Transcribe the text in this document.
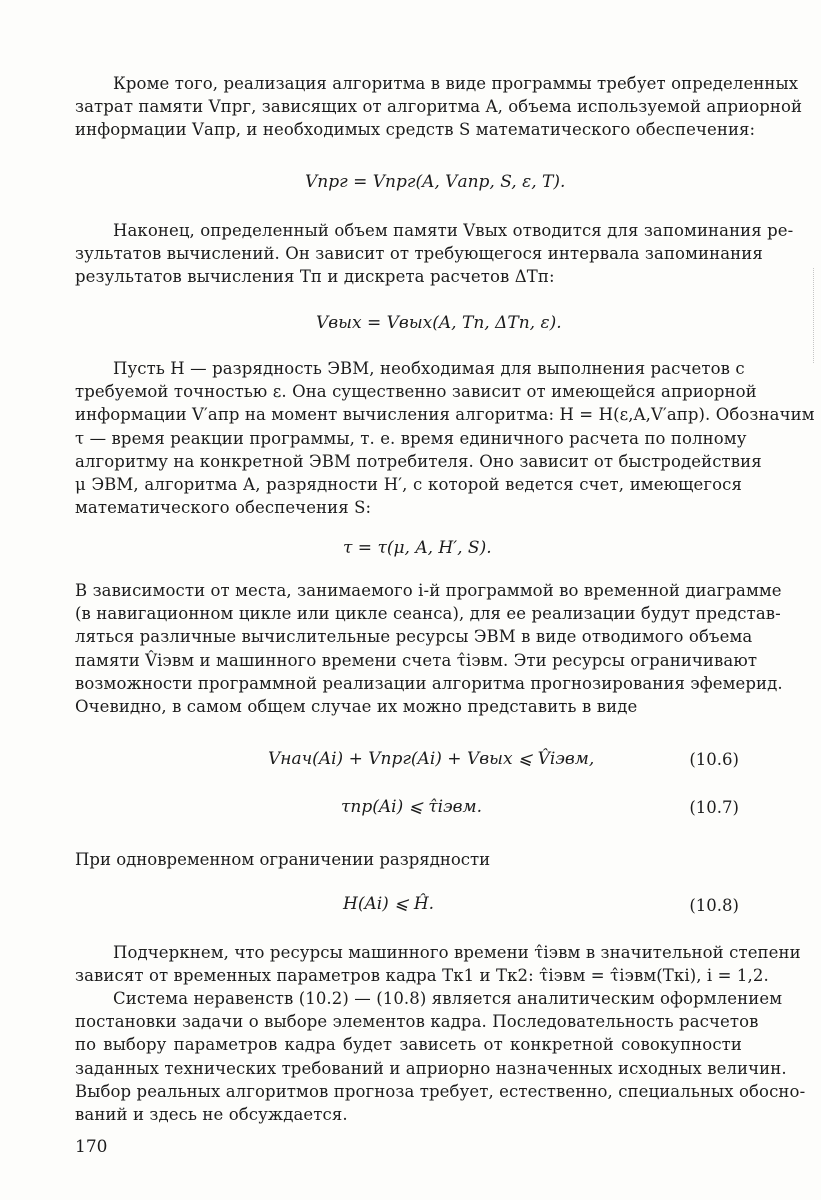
Кроме того, реализация алгоритма в виде программы требует определенных
затрат памяти Vпрг, зависящих от алгоритма A, объема используемой априорной
информации Vапр, и необходимых средств S математического обеспечения:
Vпрг = Vпрг(A, Vапр, S, ε, T).
Наконец, определенный объем памяти Vвых отводится для запоминания ре-
зультатов вычислений. Он зависит от требующегося интервала запоминания
результатов вычисления Tп и дискрета расчетов ΔTп:
Vвых = Vвых(A, Tп, ΔTп, ε).
Пусть H — разрядность ЭВМ, необходимая для выполнения расчетов с
требуемой точностью ε. Она существенно зависит от имеющейся априорной
информации V′апр на момент вычисления алгоритма: H = H(ε,A,V′апр). Обозначим
τ — время реакции программы, т. е. время единичного расчета по полному
алгоритму на конкретной ЭВМ потребителя. Оно зависит от быстродействия
μ ЭВМ, алгоритма A, разрядности H′, с которой ведется счет, имеющегося
математического обеспечения S:
τ = τ(μ, A, H′, S).
В зависимости от места, занимаемого i-й программой во временной диаграмме
(в навигационном цикле или цикле сеанса), для ее реализации будут представ-
ляться различные вычислительные ресурсы ЭВМ в виде отводимого объема
памяти V̂iэвм и машинного времени счета τ̂iэвм. Эти ресурсы ограничивают
возможности программной реализации алгоритма прогнозирования эфемерид.
Очевидно, в самом общем случае их можно представить в виде
Vнач(Ai) + Vпрг(Ai) + Vвых ⩽ V̂iэвм,	(10.6)
τпр(Ai) ⩽ τ̂iэвм.	(10.7)
При одновременном ограничении разрядности
H(Ai) ⩽ Ĥ.	(10.8)
Подчеркнем, что ресурсы машинного времени τ̂iэвм в значительной степени
зависят от временных параметров кадра Tк1 и Tк2: τ̂iэвм = τ̂iэвм(Tкi), i = 1,2.
Система неравенств (10.2) — (10.8) является аналитическим оформлением
постановки задачи о выборе элементов кадра. Последовательность расчетов
по выбору параметров кадра будет зависеть от конкретной совокупности
заданных технических требований и априорно назначенных исходных величин.
Выбор реальных алгоритмов прогноза требует, естественно, специальных обосно-
ваний и здесь не обсуждается.
170
